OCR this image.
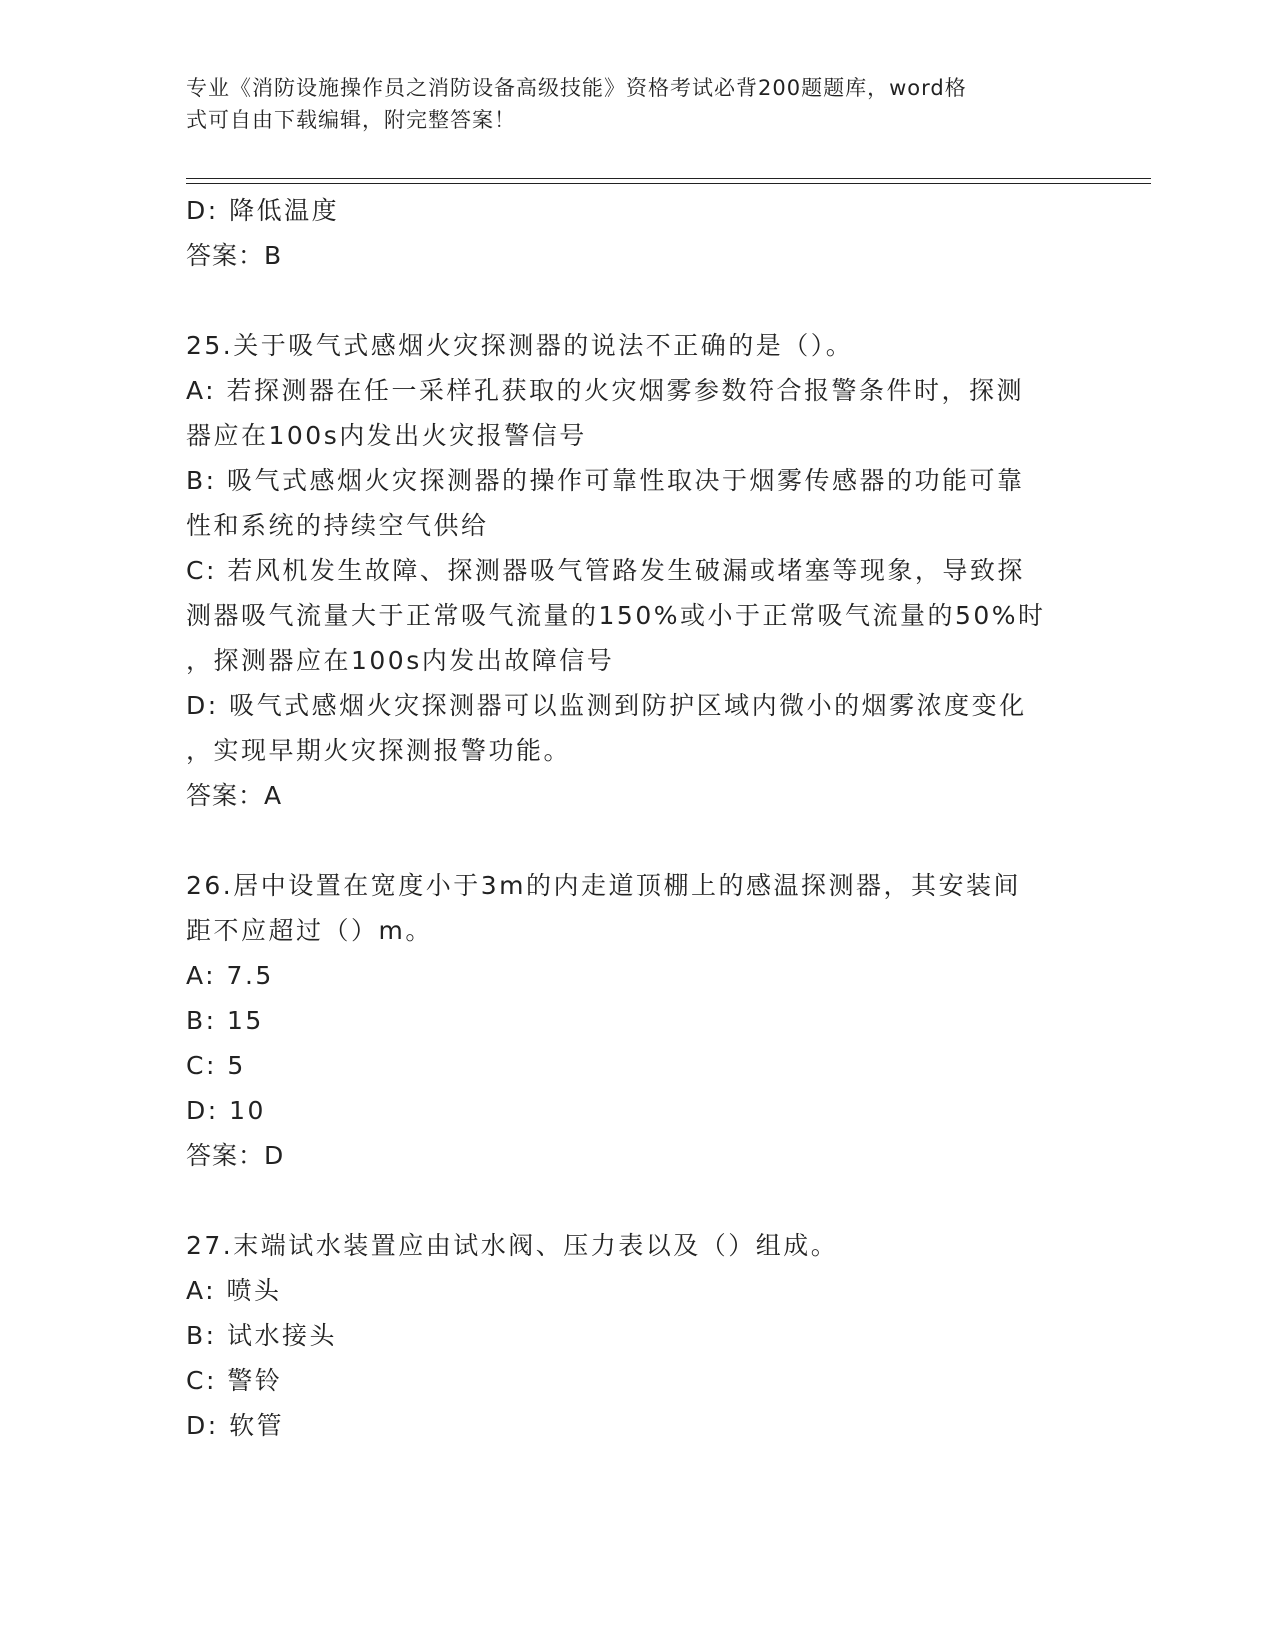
专业《消防设施操作员之消防设备高级技能》资格考试必背200题题库，word格
式可自由下载编辑，附完整答案！
D: 降低温度
答案：B
25.关于吸气式感烟火灾探测器的说法不正确的是（）。
A: 若探测器在任一采样孔获取的火灾烟雾参数符合报警条件时，探测
器应在100s内发出火灾报警信号
B: 吸气式感烟火灾探测器的操作可靠性取决于烟雾传感器的功能可靠
性和系统的持续空气供给
C: 若风机发生故障、探测器吸气管路发生破漏或堵塞等现象，导致探
测器吸气流量大于正常吸气流量的150%或小于正常吸气流量的50%时
，探测器应在100s内发出故障信号
D: 吸气式感烟火灾探测器可以监测到防护区域内微小的烟雾浓度变化
，实现早期火灾探测报警功能。
答案：A
26.居中设置在宽度小于3m的内走道顶棚上的感温探测器，其安装间
距不应超过（）m。
A: 7.5
B: 15
C: 5
D: 10
答案：D
27.末端试水装置应由试水阀、压力表以及（）组成。
A: 喷头
B: 试水接头
C: 警铃
D: 软管
